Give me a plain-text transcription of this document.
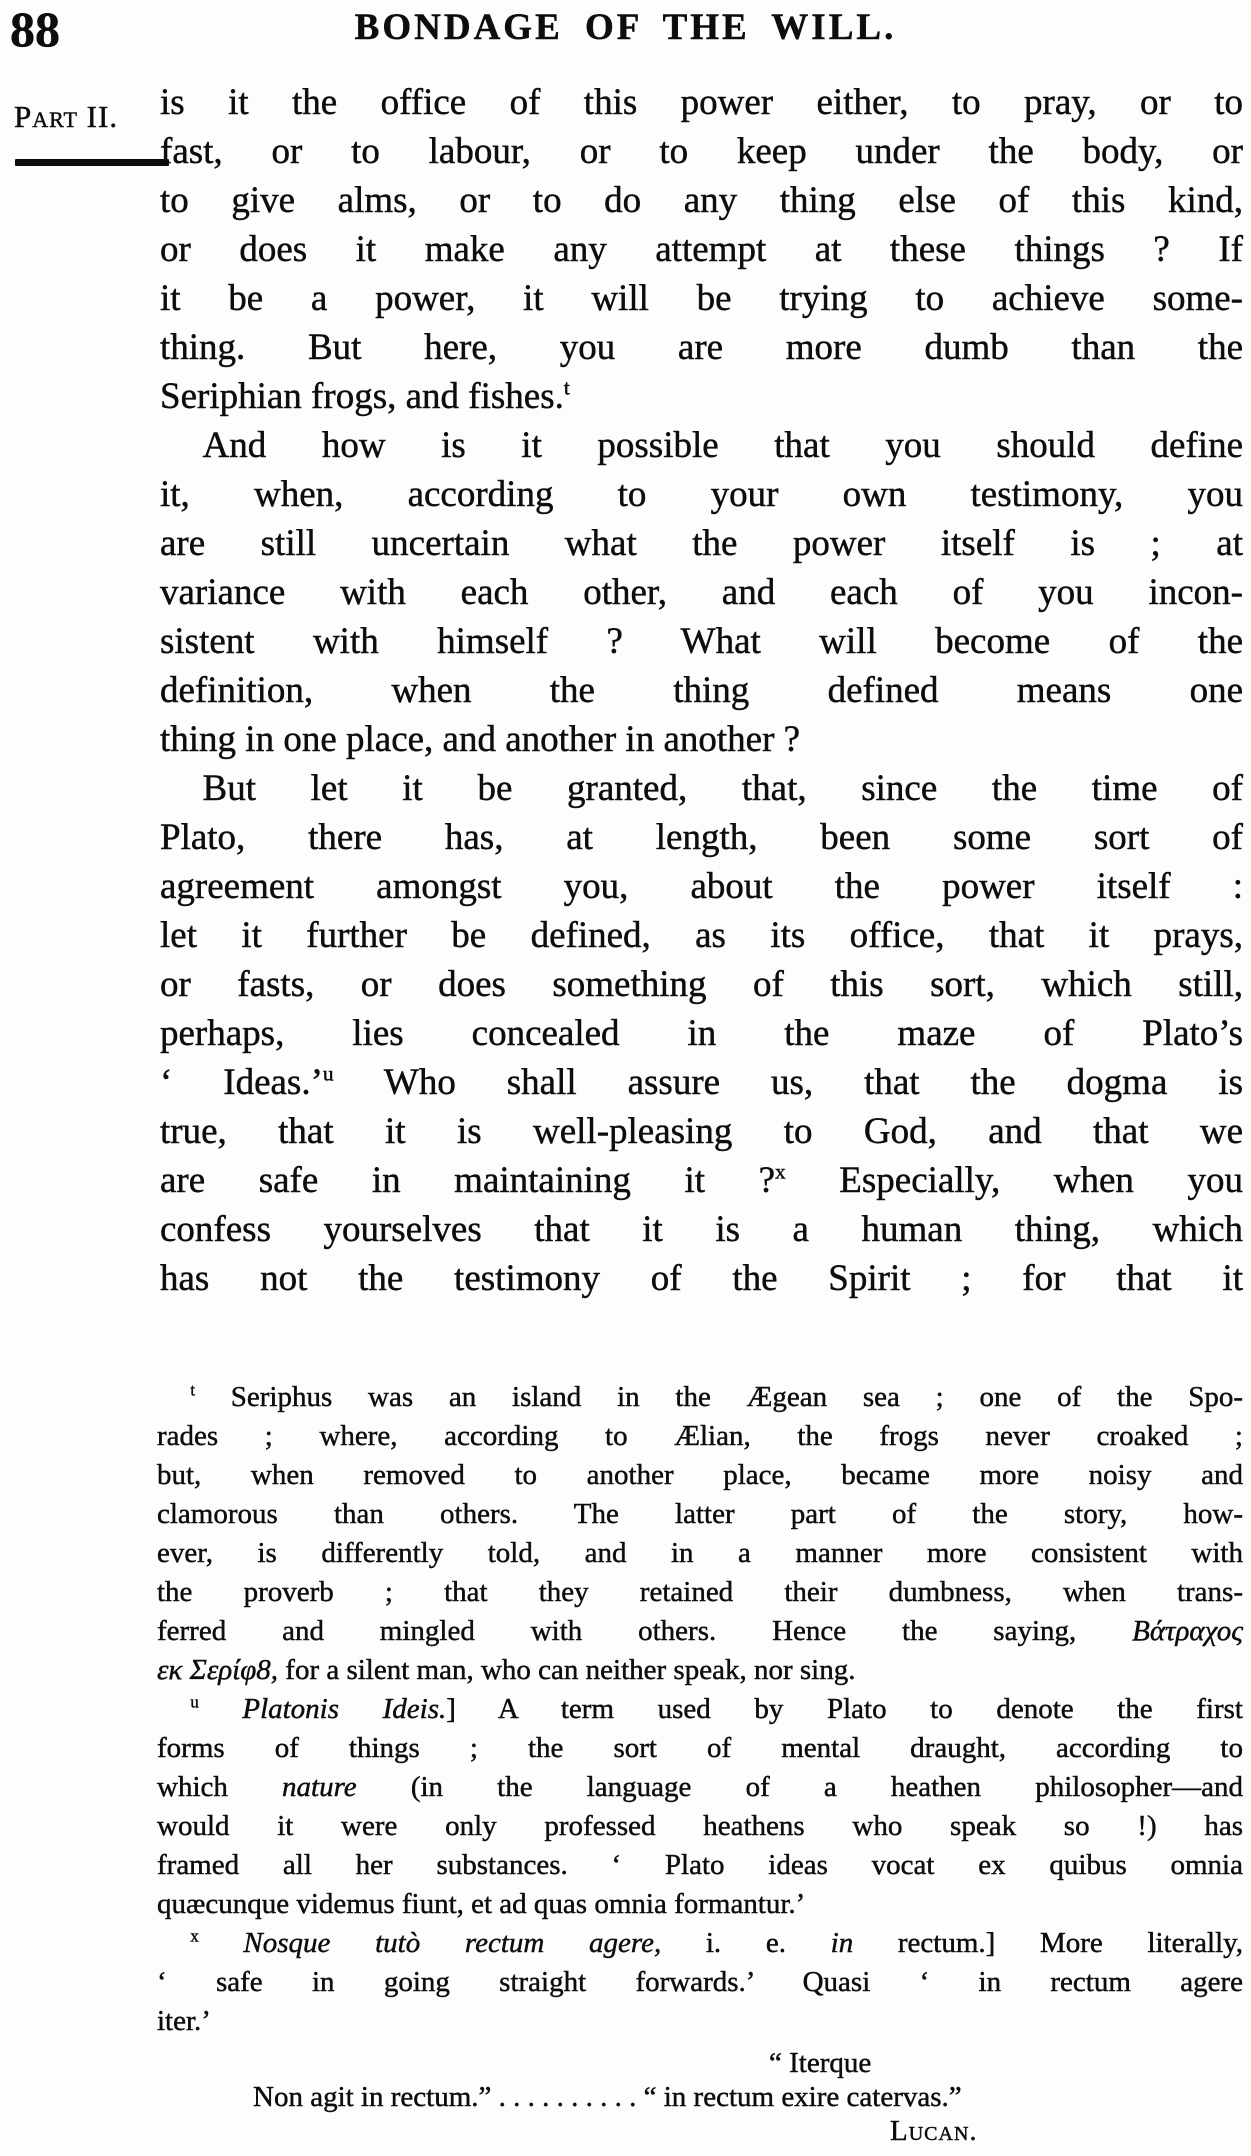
88	BONDAGE OF THE WILL.
Part II. is it the office of this power either, to pray, or to
fast, or to labour, or to keep under the body, or
to give alms, or to do any thing else of this kind,
or does it make any attempt at these things ? If
it be a power, it will be trying to achieve some-
thing. But here, you are more dumb than the
Seriphian frogs, and fishes.$^t$
And how is it possible that you should define
it, when, according to your own testimony, you
are still uncertain what the power itself is ; at
variance with each other, and each of you incon-
sistent with himself ? What will become of the
definition, when the thing defined means one
thing in one place, and another in another ?
But let it be granted, that, since the time of
Plato, there has, at length, been some sort of
agreement amongst you, about the power itself :
let it further be defined, as its office, that it prays,
or fasts, or does something of this sort, which still,
perhaps, lies concealed in the maze of Plato’s
‘ Ideas.’$^u$ Who shall assure us, that the dogma is
true, that it is well-pleasing to God, and that we
are safe in maintaining it ?$^x$ Especially, when you
confess yourselves that it is a human thing, which
has not the testimony of the Spirit ; for that it
$^t$ Seriphus was an island in the Ægean sea ; one of the Spo-
rades ; where, according to Ælian, the frogs never croaked ;
but, when removed to another place, became more noisy and
clamorous than others. The latter part of the story, how-
ever, is differently told, and in a manner more consistent with
the proverb ; that they retained their dumbness, when trans-
ferred and mingled with others. Hence the saying, Βάτραχος
εκ Σερίφ8, for a silent man, who can neither speak, nor sing.
$^u$ Platonis Ideis.] A term used by Plato to denote the first
forms of things ; the sort of mental draught, according to
which nature (in the language of a heathen philosopher—and
would it were only professed heathens who speak so !) has
framed all her substances. ‘ Plato ideas vocat ex quibus omnia
quæcunque videmus fiunt, et ad quas omnia formantur.’
$^x$ Nosque tutò rectum agere, i. e. in rectum.] More literally,
‘ safe in going straight forwards.’ Quasi ‘ in rectum agere
iter.’
“ Iterque
Non agit in rectum.” . . . . . . . . . . “ in rectum exire catervas.”
Lucan.
